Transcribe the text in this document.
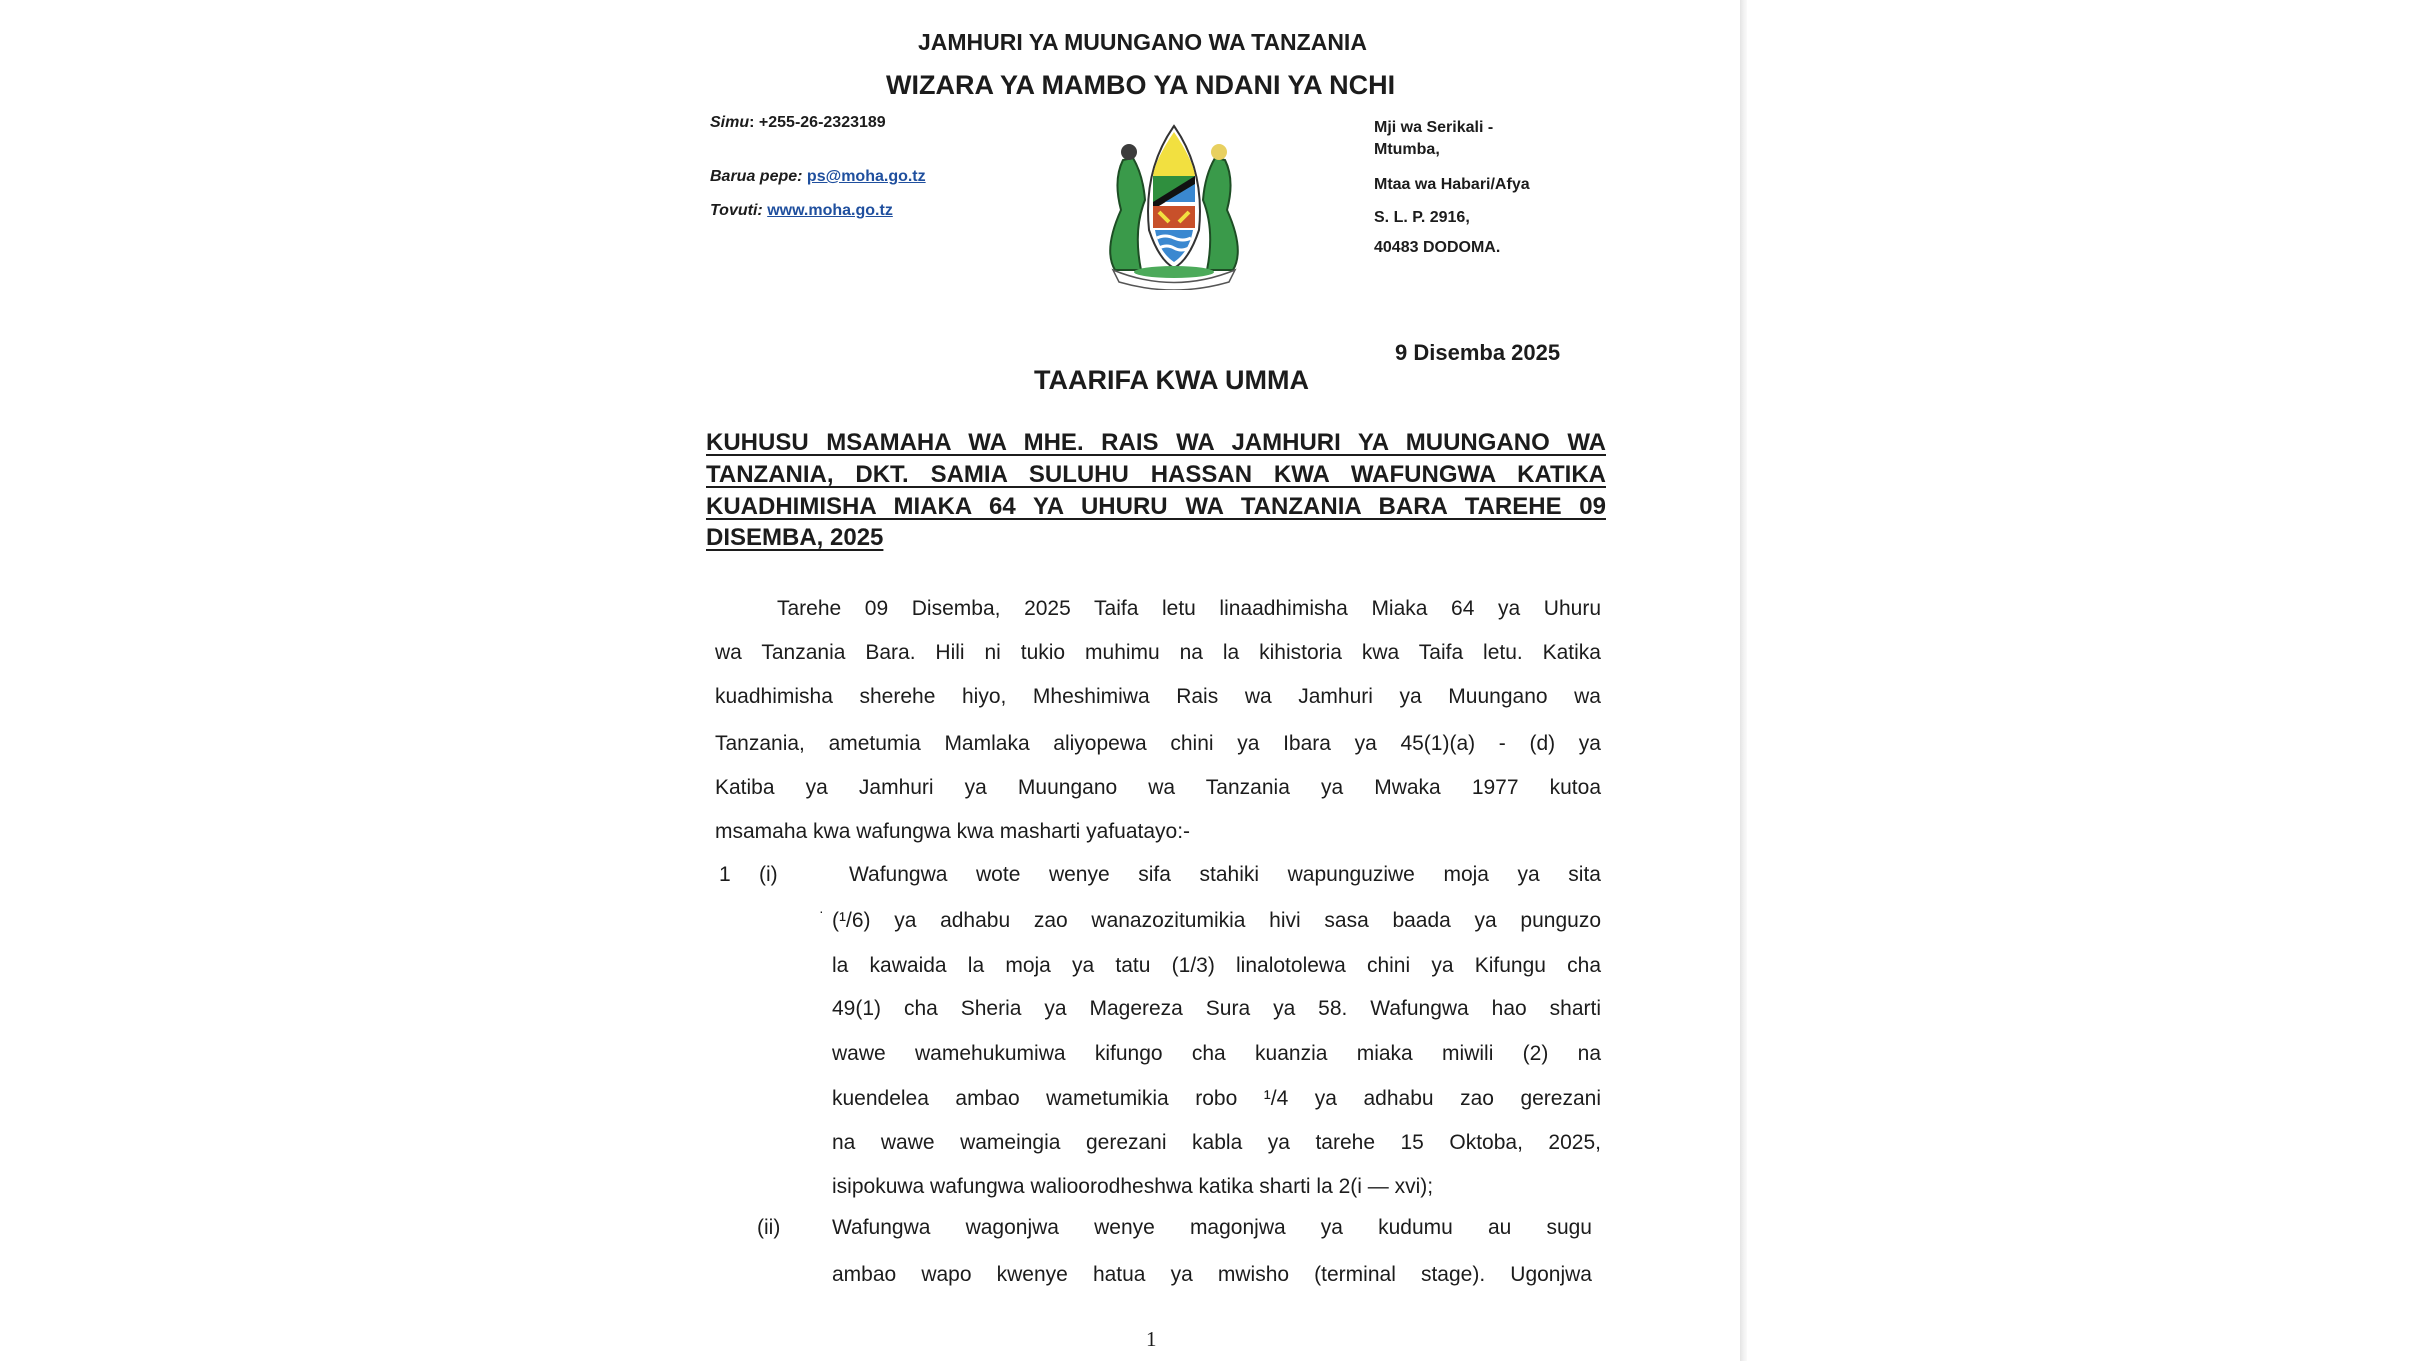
JAMHURI YA MUUNGANO WA TANZANIA
WIZARA YA MAMBO YA NDANI YA NCHI
Simu: +255-26-2323189
Barua pepe: ps@moha.go.tz
Tovuti: www.moha.go.tz
Mji wa Serikali -
Mtumba,
Mtaa wa Habari/Afya
S. L. P. 2916,
40483 DODOMA.
9 Disemba 2025
TAARIFA KWA UMMA
KUHUSU MSAMAHA WA MHE. RAIS WA JAMHURI YA MUUNGANO WA
TANZANIA, DKT. SAMIA SULUHU HASSAN KWA WAFUNGWA KATIKA
KUADHIMISHA MIAKA 64 YA UHURU WA TANZANIA BARA TAREHE 09
DISEMBA, 2025
Tarehe 09 Disemba, 2025 Taifa letu linaadhimisha Miaka 64 ya Uhuru
wa Tanzania Bara. Hili ni tukio muhimu na la kihistoria kwa Taifa letu. Katika
kuadhimisha sherehe hiyo, Mheshimiwa Rais wa Jamhuri ya Muungano wa
Tanzania, ametumia Mamlaka aliyopewa chini ya Ibara ya 45(1)(a) - (d) ya
Katiba ya Jamhuri ya Muungano wa Tanzania ya Mwaka 1977 kutoa
msamaha kwa wafungwa kwa masharti yafuatayo:-
1 (i)	Wafungwa wote wenye sifa stahiki wapunguziwe moja ya sita
· (¹/6) ya adhabu zao wanazozitumikia hivi sasa baada ya punguzo
la kawaida la moja ya tatu (1/3) linalotolewa chini ya Kifungu cha
49(1) cha Sheria ya Magereza Sura ya 58. Wafungwa hao sharti
wawe wamehukumiwa kifungo cha kuanzia miaka miwili (2) na
kuendelea ambao wametumikia robo ¹/4 ya adhabu zao gerezani
na wawe wameingia gerezani kabla ya tarehe 15 Oktoba, 2025,
isipokuwa wafungwa walioorodheshwa katika sharti la 2(i — xvi);
(ii) Wafungwa wagonjwa wenye magonjwa ya kudumu au sugu
ambao wapo kwenye hatua ya mwisho (terminal stage). Ugonjwa
1
